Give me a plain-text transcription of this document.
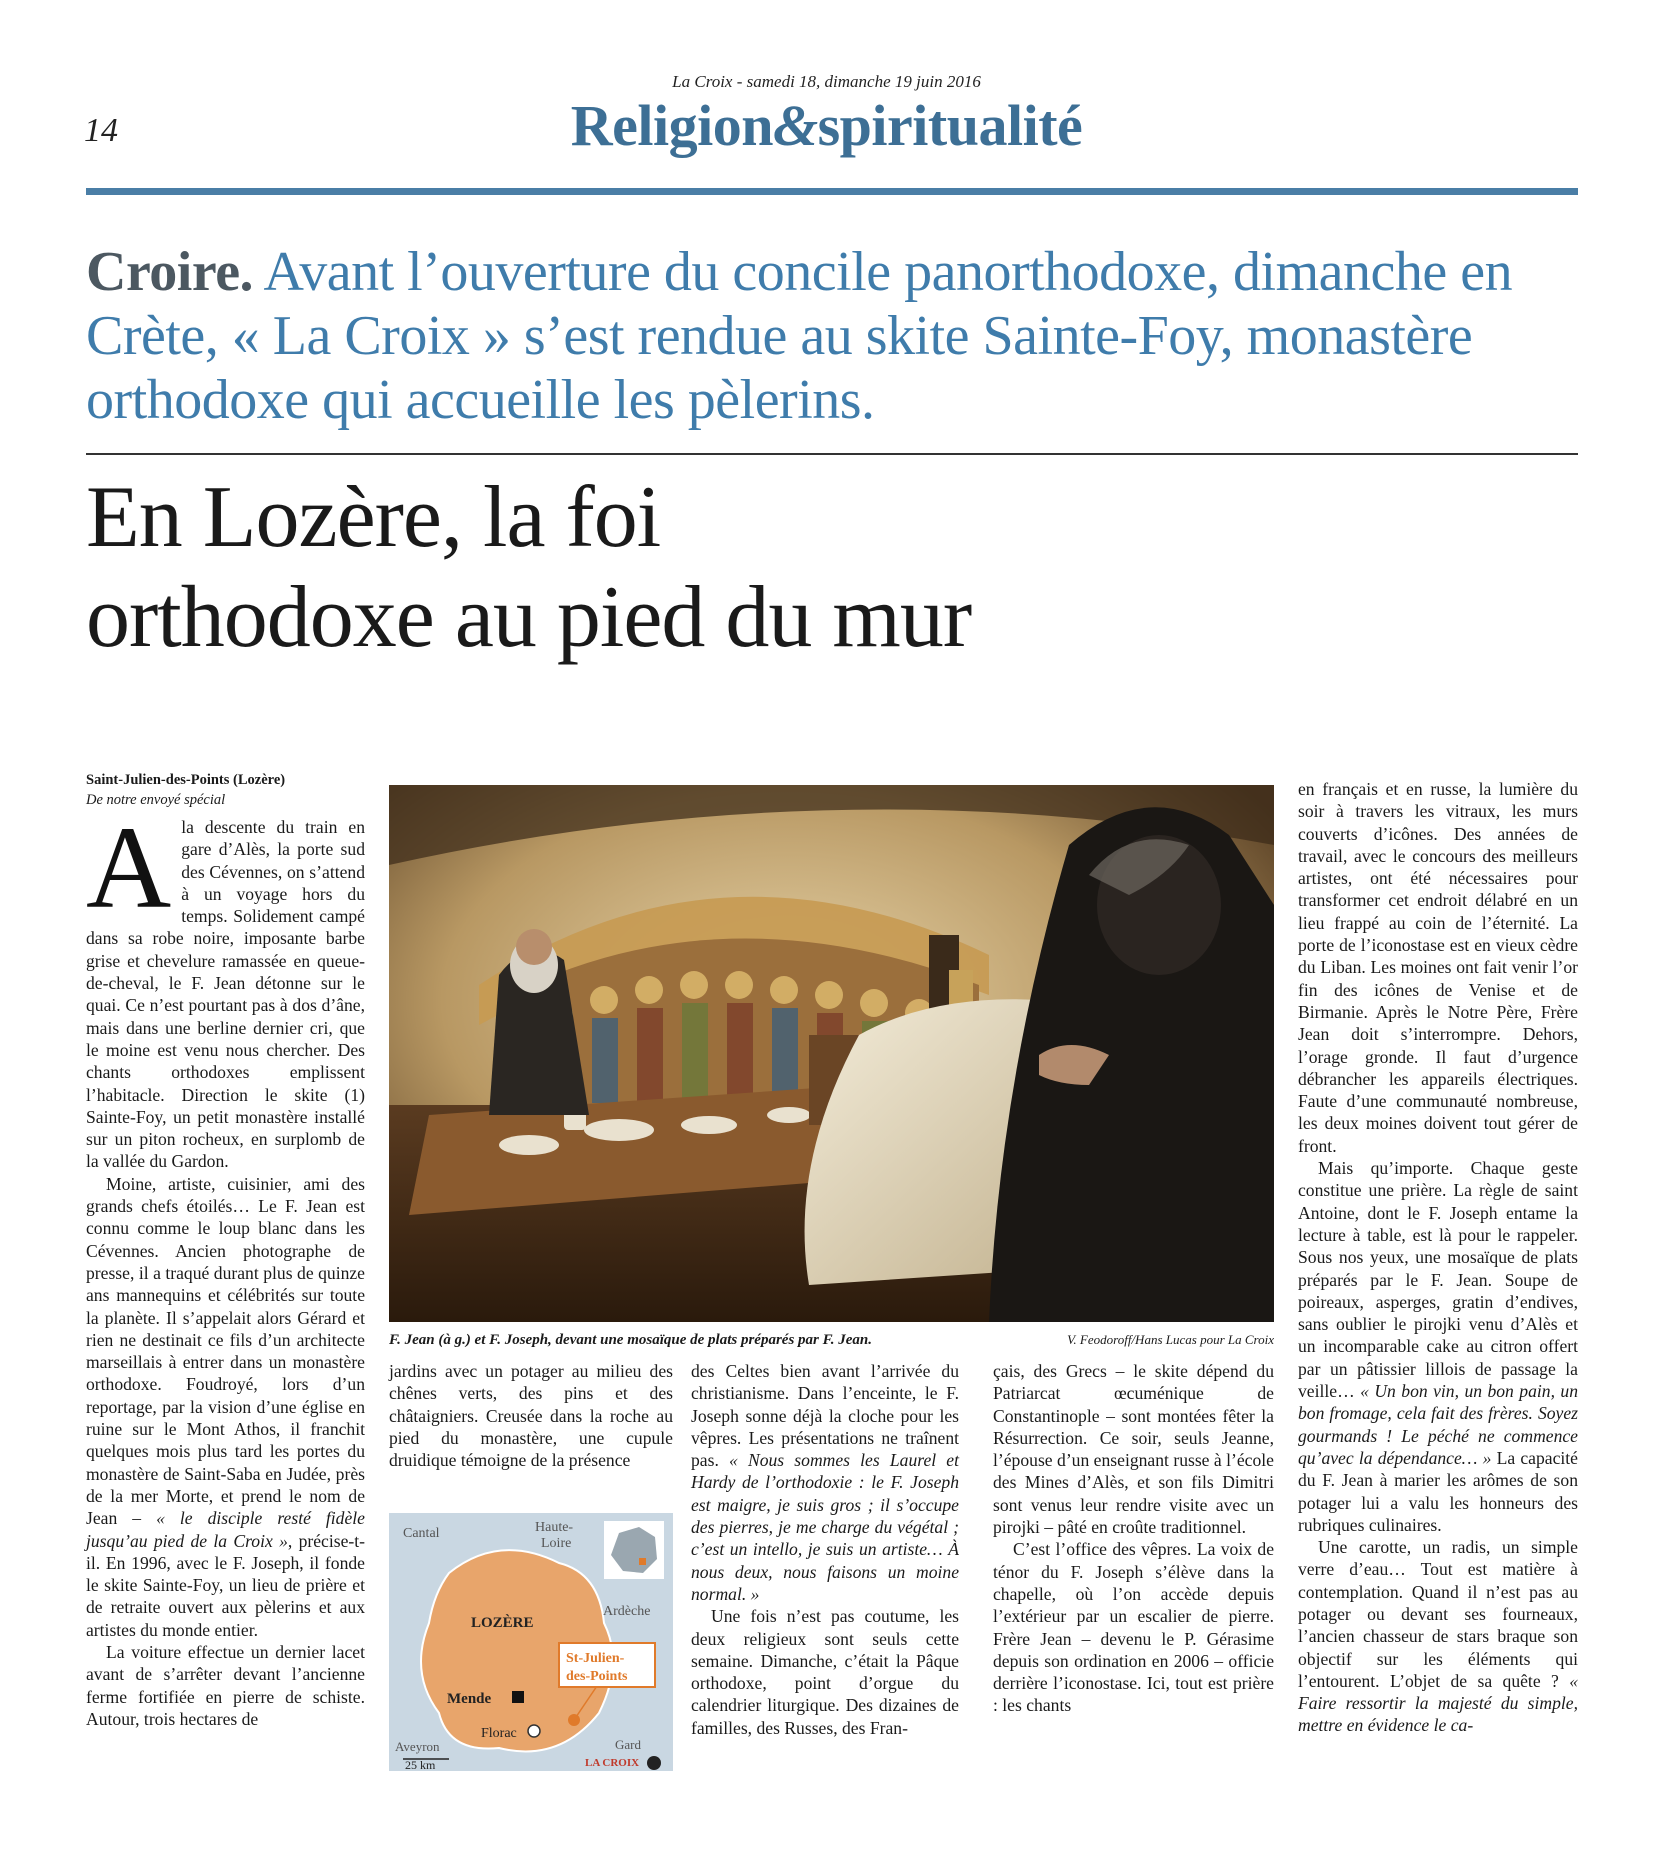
La Croix - samedi 18, dimanche 19 juin 2016
14	Religion&spiritualité
Croire. Avant l’ouverture du concile panorthodoxe, dimanche en Crète, « La Croix » s’est rendue au skite Sainte-Foy, monastère orthodoxe qui accueille les pèlerins.
En Lozère, la foi
orthodoxe au pied du mur
Saint-Julien-des-Points (Lozère)
De notre envoyé spécial

Ala descente du train en gare d’Alès, la porte sud des Cévennes, on s’attend à un voyage hors du temps. Solidement campé dans sa robe noire, imposante barbe grise et chevelure ramassée en queue-de-cheval, le F. Jean détonne sur le quai. Ce n’est pourtant pas à dos d’âne, mais dans une berline dernier cri, que le moine est venu nous chercher. Des chants orthodoxes emplissent l’habitacle. Direction le skite (1) Sainte-Foy, un petit monastère installé sur un piton rocheux, en surplomb de la vallée du Gardon.

Moine, artiste, cuisinier, ami des grands chefs étoilés… Le F. Jean est connu comme le loup blanc dans les Cévennes. Ancien photographe de presse, il a traqué durant plus de quinze ans mannequins et célébrités sur toute la planète. Il s’appelait alors Gérard et rien ne destinait ce fils d’un architecte marseillais à entrer dans un monastère orthodoxe. Foudroyé, lors d’un reportage, par la vision d’une église en ruine sur le Mont Athos, il franchit quelques mois plus tard les portes du monastère de Saint-Saba en Judée, près de la mer Morte, et prend le nom de Jean – « le disciple resté fidèle jusqu’au pied de la Croix », précise-t-il. En 1996, avec le F. Joseph, il fonde le skite Sainte-Foy, un lieu de prière et de retraite ouvert aux pèlerins et aux artistes du monde entier.

La voiture effectue un dernier lacet avant de s’arrêter devant l’ancienne ferme fortifiée en pierre de schiste. Autour, trois hectares de

F. Jean (à g.) et F. Joseph, devant une mosaïque de plats préparés par F. Jean.	V. Feodoroff/Hans Lucas pour La Croix

jardins avec un potager au milieu des chênes verts, des pins et des châtaigniers. Creusée dans la roche au pied du monastère, une cupule druidique témoigne de la présence

Cantal	Haute-
Loire
Ardèche
LOZÈRE
Mende
Florac
St-Julien-
des-Points
Aveyron	Gard
25 km	LA CROIX

des Celtes bien avant l’arrivée du christianisme. Dans l’enceinte, le F. Joseph sonne déjà la cloche pour les vêpres. Les présentations ne traînent pas. « Nous sommes les Laurel et Hardy de l’orthodoxie : le F. Joseph est maigre, je suis gros ; il s’occupe des pierres, je me charge du végétal ; c’est un intello, je suis un artiste… À nous deux, nous faisons un moine normal. »

Une fois n’est pas coutume, les deux religieux sont seuls cette semaine. Dimanche, c’était la Pâque orthodoxe, point d’orgue du calendrier liturgique. Des dizaines de familles, des Russes, des Fran-

çais, des Grecs – le skite dépend du Patriarcat œcuménique de Constantinople – sont montées fêter la Résurrection. Ce soir, seuls Jeanne, l’épouse d’un enseignant russe à l’école des Mines d’Alès, et son fils Dimitri sont venus leur rendre visite avec un pirojki – pâté en croûte traditionnel.

C’est l’office des vêpres. La voix de ténor du F. Joseph s’élève dans la chapelle, où l’on accède depuis l’extérieur par un escalier de pierre. Frère Jean – devenu le P. Gérasime depuis son ordination en 2006 – officie derrière l’iconostase. Ici, tout est prière : les chants

en français et en russe, la lumière du soir à travers les vitraux, les murs couverts d’icônes. Des années de travail, avec le concours des meilleurs artistes, ont été nécessaires pour transformer cet endroit délabré en un lieu frappé au coin de l’éternité. La porte de l’iconostase est en vieux cèdre du Liban. Les moines ont fait venir l’or fin des icônes de Venise et de Birmanie. Après le Notre Père, Frère Jean doit s’interrompre. Dehors, l’orage gronde. Il faut d’urgence débrancher les appareils électriques. Faute d’une communauté nombreuse, les deux moines doivent tout gérer de front.

Mais qu’importe. Chaque geste constitue une prière. La règle de saint Antoine, dont le F. Joseph entame la lecture à table, est là pour le rappeler. Sous nos yeux, une mosaïque de plats préparés par le F. Jean. Soupe de poireaux, asperges, gratin d’endives, sans oublier le pirojki venu d’Alès et un incomparable cake au citron offert par un pâtissier lillois de passage la veille… « Un bon vin, un bon pain, un bon fromage, cela fait des frères. Soyez gourmands ! Le péché ne commence qu’avec la dépendance… » La capacité du F. Jean à marier les arômes de son potager lui a valu les honneurs des rubriques culinaires.

Une carotte, un radis, un simple verre d’eau… Tout est matière à contemplation. Quand il n’est pas au potager ou devant ses fourneaux, l’ancien chasseur de stars braque son objectif sur les éléments qui l’entourent. L’objet de sa quête ? « Faire ressortir la majesté du simple, mettre en évidence le ca-
